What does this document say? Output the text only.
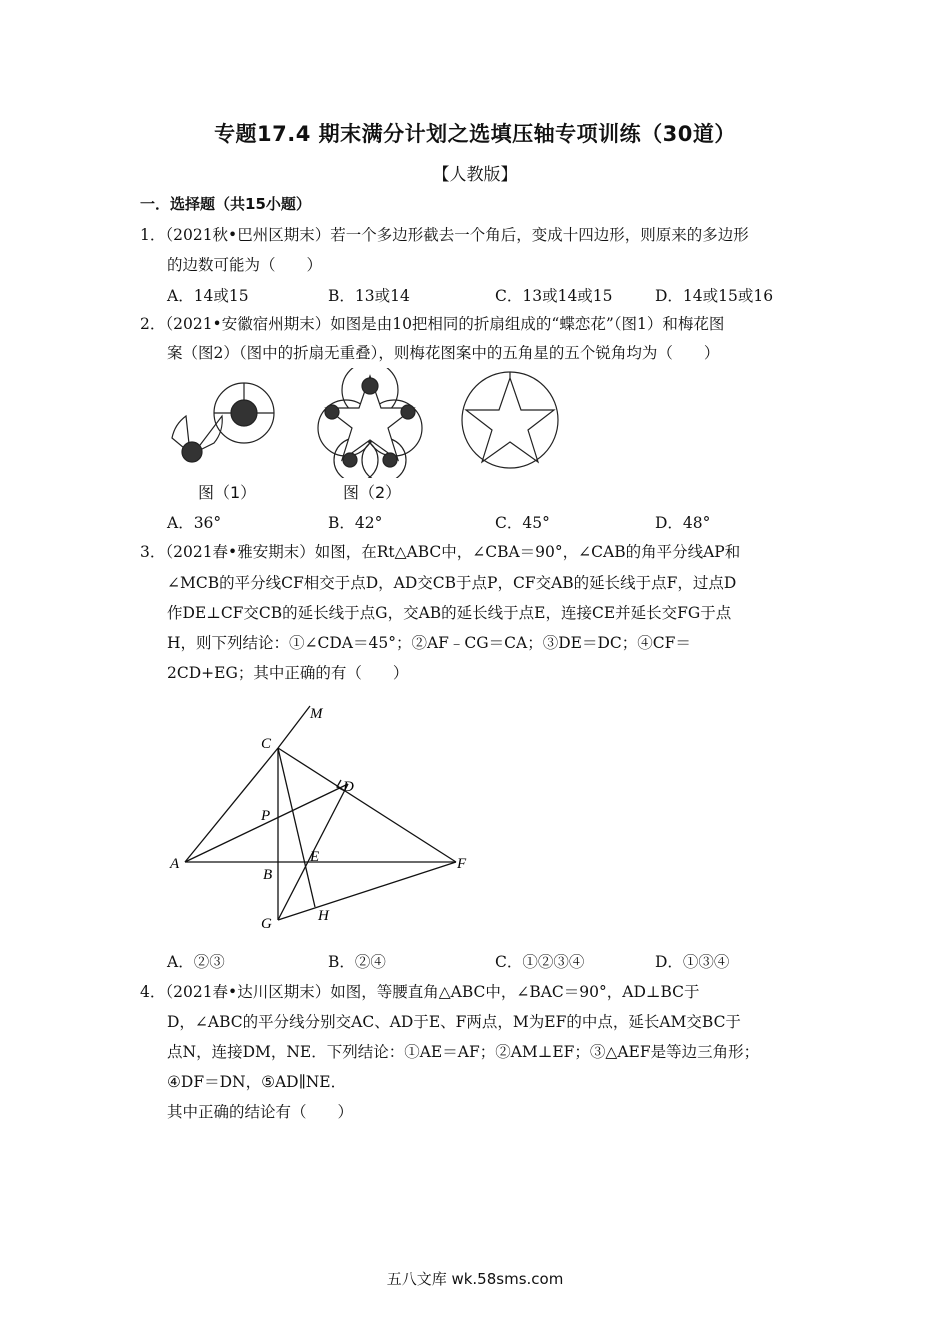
专题17.4 期末满分计划之选填压轴专项训练（30道）
【人教版】
一．选择题（共15小题）
1．（2021秋•巴州区期末）若一个多边形截去一个角后，变成十四边形，则原来的多边形
的边数可能为（　　）
A．14或15	B．13或14	C．13或14或15	D．14或15或16
2．（2021•安徽宿州期末）如图是由10把相同的折扇组成的“蝶恋花”（图1）和梅花图
案（图2）（图中的折扇无重叠），则梅花图案中的五角星的五个锐角均为（　　）
图（1）	图（2）
A．36°	B．42°	C．45°	D．48°
3．（2021春•雅安期末）如图，在Rt△ABC中，∠CBA＝90°，∠CAB的角平分线AP和
∠MCB的平分线CF相交于点D，AD交CB于点P，CF交AB的延长线于点F，过点D
作DE⊥CF交CB的延长线于点G，交AB的延长线于点E，连接CE并延长交FG于点
H，则下列结论：①∠CDA＝45°；②AF﹣CG＝CA；③DE＝DC；④CF＝
2CD+EG；其中正确的有（　　）
M
C
D
P
A	E	F
B
G	H
A．②③	B．②④	C．①②③④	D．①③④
4．（2021春•达川区期末）如图，等腰直角△ABC中，∠BAC＝90°，AD⊥BC于
D，∠ABC的平分线分别交AC、AD于E、F两点，M为EF的中点，延长AM交BC于
点N，连接DM，NE．下列结论：①AE＝AF；②AM⊥EF；③△AEF是等边三角形；
④DF＝DN，⑤AD∥NE．
其中正确的结论有（　　）
五八文库 wk.58sms.com
